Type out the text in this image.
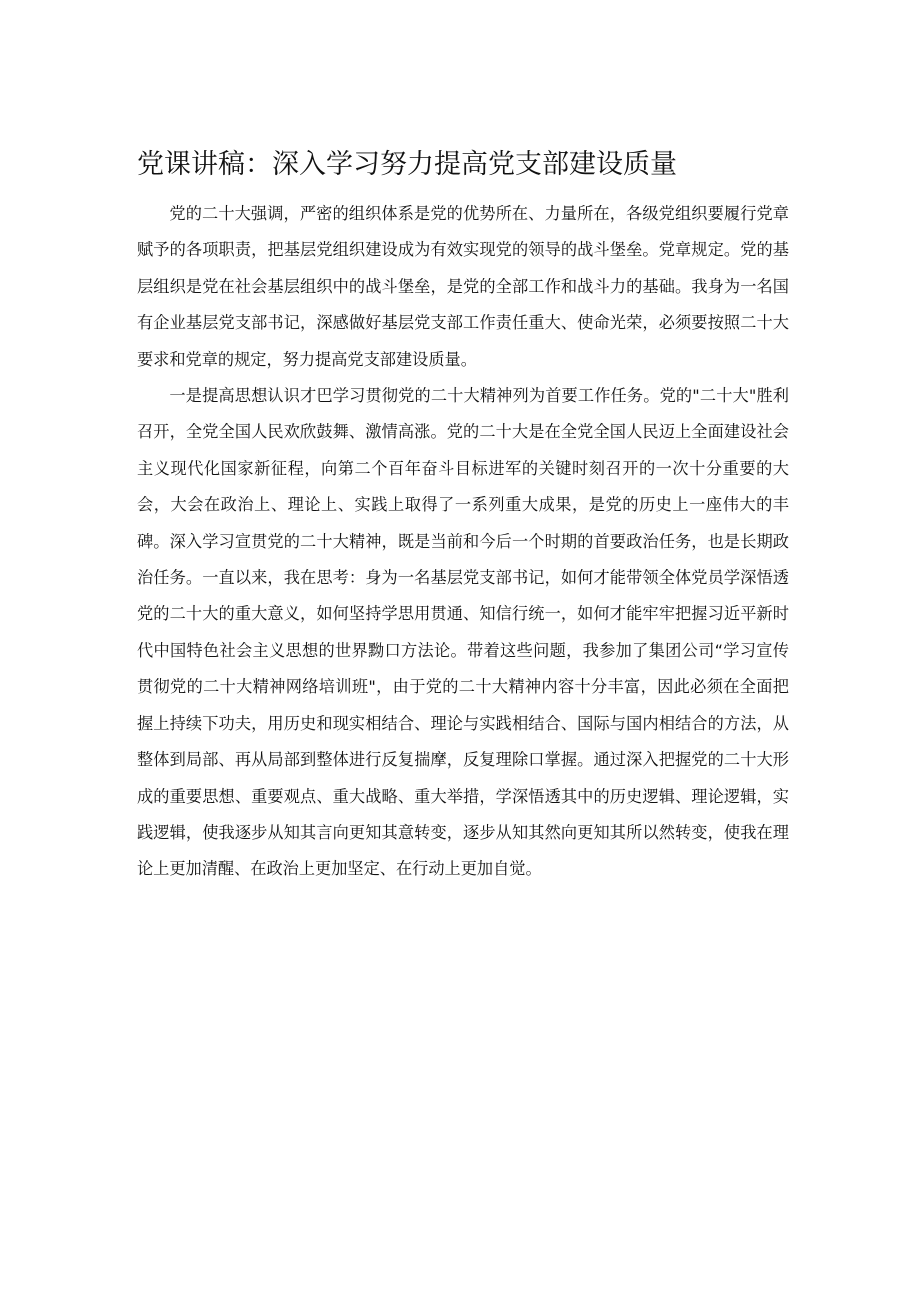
党课讲稿：深入学习努力提高党支部建设质量

党的二十大强调，严密的组织体系是党的优势所在、力量所在，各级党组织要履行党章赋予的各项职责，把基层党组织建设成为有效实现党的领导的战斗堡垒。党章规定。党的基层组织是党在社会基层组织中的战斗堡垒，是党的全部工作和战斗力的基础。我身为一名国有企业基层党支部书记，深感做好基层党支部工作责任重大、使命光荣，必须要按照二十大要求和党章的规定，努力提高党支部建设质量。

一是提高思想认识才巴学习贯彻党的二十大精神列为首要工作任务。党的"二十大"胜利召开，全党全国人民欢欣鼓舞、激情高涨。党的二十大是在全党全国人民迈上全面建设社会主义现代化国家新征程，向第二个百年奋斗目标进军的关键时刻召开的一次十分重要的大会，大会在政治上、理论上、实践上取得了一系列重大成果，是党的历史上一座伟大的丰碑。深入学习宣贯党的二十大精神，既是当前和今后一个时期的首要政治任务，也是长期政治任务。一直以来，我在思考：身为一名基层党支部书记，如何才能带领全体党员学深悟透党的二十大的重大意义，如何坚持学思用贯通、知信行统一，如何才能牢牢把握习近平新时代中国特色社会主义思想的世界黝口方法论。带着这些问题，我参加了集团公司“学习宣传贯彻党的二十大精神网络培训班"，由于党的二十大精神内容十分丰富，因此必须在全面把握上持续下功夫，用历史和现实相结合、理论与实践相结合、国际与国内相结合的方法，从整体到局部、再从局部到整体进行反复揣摩，反复理除口掌握。通过深入把握党的二十大形成的重要思想、重要观点、重大战略、重大举措，学深悟透其中的历史逻辑、理论逻辑，实践逻辑，使我逐步从知其言向更知其意转变，逐步从知其然向更知其所以然转变，使我在理论上更加清醒、在政治上更加坚定、在行动上更加自觉。
